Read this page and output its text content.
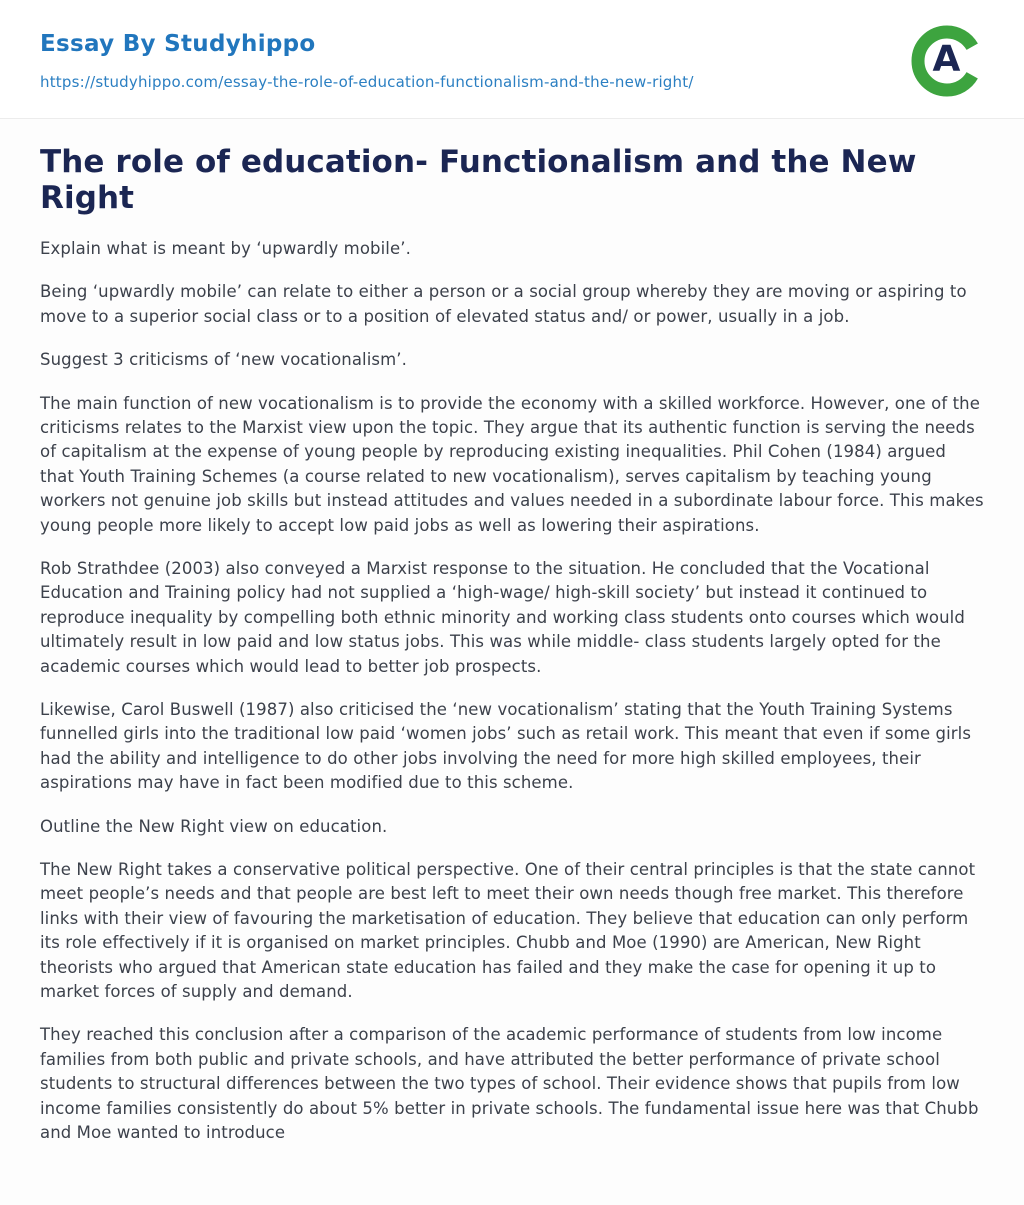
Essay By Studyhippo
https://studyhippo.com/essay-the-role-of-education-functionalism-and-the-new-right/
A
The role of education- Functionalism and the New Right

Explain what is meant by ‘upwardly mobile’.

Being ‘upwardly mobile’ can relate to either a person or a social group whereby they are moving or aspiring to move to a superior social class or to a position of elevated status and/ or power, usually in a job.

Suggest 3 criticisms of ‘new vocationalism’.

The main function of new vocationalism is to provide the economy with a skilled workforce. However, one of the criticisms relates to the Marxist view upon the topic. They argue that its authentic function is serving the needs of capitalism at the expense of young people by reproducing existing inequalities. Phil Cohen (1984) argued that Youth Training Schemes (a course related to new vocationalism), serves capitalism by teaching young workers not genuine job skills but instead attitudes and values needed in a subordinate labour force. This makes young people more likely to accept low paid jobs as well as lowering their aspirations.

Rob Strathdee (2003) also conveyed a Marxist response to the situation. He concluded that the Vocational Education and Training policy had not supplied a ‘high-wage/ high-skill society’ but instead it continued to reproduce inequality by compelling both ethnic minority and working class students onto courses which would ultimately result in low paid and low status jobs. This was while middle- class students largely opted for the academic courses which would lead to better job prospects.

Likewise, Carol Buswell (1987) also criticised the ‘new vocationalism’ stating that the Youth Training Systems funnelled girls into the traditional low paid ‘women jobs’ such as retail work. This meant that even if some girls had the ability and intelligence to do other jobs involving the need for more high skilled employees, their aspirations may have in fact been modified due to this scheme.

Outline the New Right view on education.

The New Right takes a conservative political perspective. One of their central principles is that the state cannot meet people’s needs and that people are best left to meet their own needs though free market. This therefore links with their view of favouring the marketisation of education. They believe that education can only perform its role effectively if it is organised on market principles. Chubb and Moe (1990) are American, New Right theorists who argued that American state education has failed and they make the case for opening it up to market forces of supply and demand.

They reached this conclusion after a comparison of the academic performance of students from low income families from both public and private schools, and have attributed the better performance of private school students to structural differences between the two types of school. Their evidence shows that pupils from low income families consistently do about 5% better in private schools. The fundamental issue here was that Chubb and Moe wanted to introduce
